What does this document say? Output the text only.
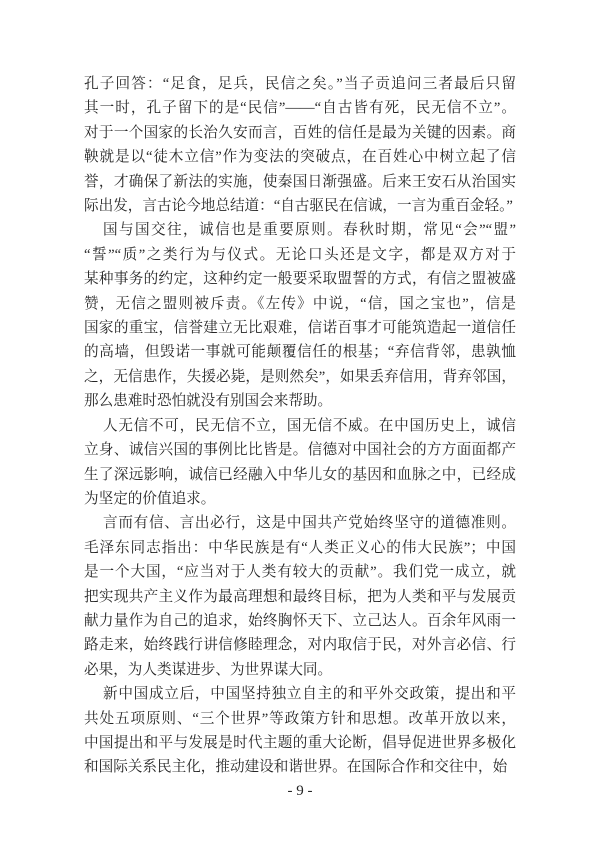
孔子回答：“足食，足兵，民信之矣。”当子贡追问三者最后只留
其一时，孔子留下的是“民信”——“自古皆有死，民无信不立”。
对于一个国家的长治久安而言，百姓的信任是最为关键的因素。商
鞅就是以“徒木立信”作为变法的突破点，在百姓心中树立起了信
誉，才确保了新法的实施，使秦国日渐强盛。后来王安石从治国实
际出发，言古论今地总结道：“自古驱民在信诚，一言为重百金轻。”
国与国交往，诚信也是重要原则。春秋时期，常见“会”“盟”
“誓”“质”之类行为与仪式。无论口头还是文字，都是双方对于
某种事务的约定，这种约定一般要采取盟誓的方式，有信之盟被盛
赞，无信之盟则被斥责。《左传》中说，“信，国之宝也”，信是
国家的重宝，信誉建立无比艰难，信诺百事才可能筑造起一道信任
的高墙，但毁诺一事就可能颠覆信任的根基；“弃信背邻，患孰恤
之，无信患作，失援必毙，是则然矣”，如果丢弃信用，背弃邻国，
那么患难时恐怕就没有别国会来帮助。
人无信不可，民无信不立，国无信不威。在中国历史上，诚信
立身、诚信兴国的事例比比皆是。信德对中国社会的方方面面都产
生了深远影响，诚信已经融入中华儿女的基因和血脉之中，已经成
为坚定的价值追求。
言而有信、言出必行，这是中国共产党始终坚守的道德准则。
毛泽东同志指出：中华民族是有“人类正义心的伟大民族”；中国
是一个大国，“应当对于人类有较大的贡献”。我们党一成立，就
把实现共产主义作为最高理想和最终目标，把为人类和平与发展贡
献力量作为自己的追求，始终胸怀天下、立己达人。百余年风雨一
路走来，始终践行讲信修睦理念，对内取信于民，对外言必信、行
必果，为人类谋进步、为世界谋大同。
新中国成立后，中国坚持独立自主的和平外交政策，提出和平
共处五项原则、“三个世界”等政策方针和思想。改革开放以来，
中国提出和平与发展是时代主题的重大论断，倡导促进世界多极化
和国际关系民主化，推动建设和谐世界。在国际合作和交往中，始
- 9 -
